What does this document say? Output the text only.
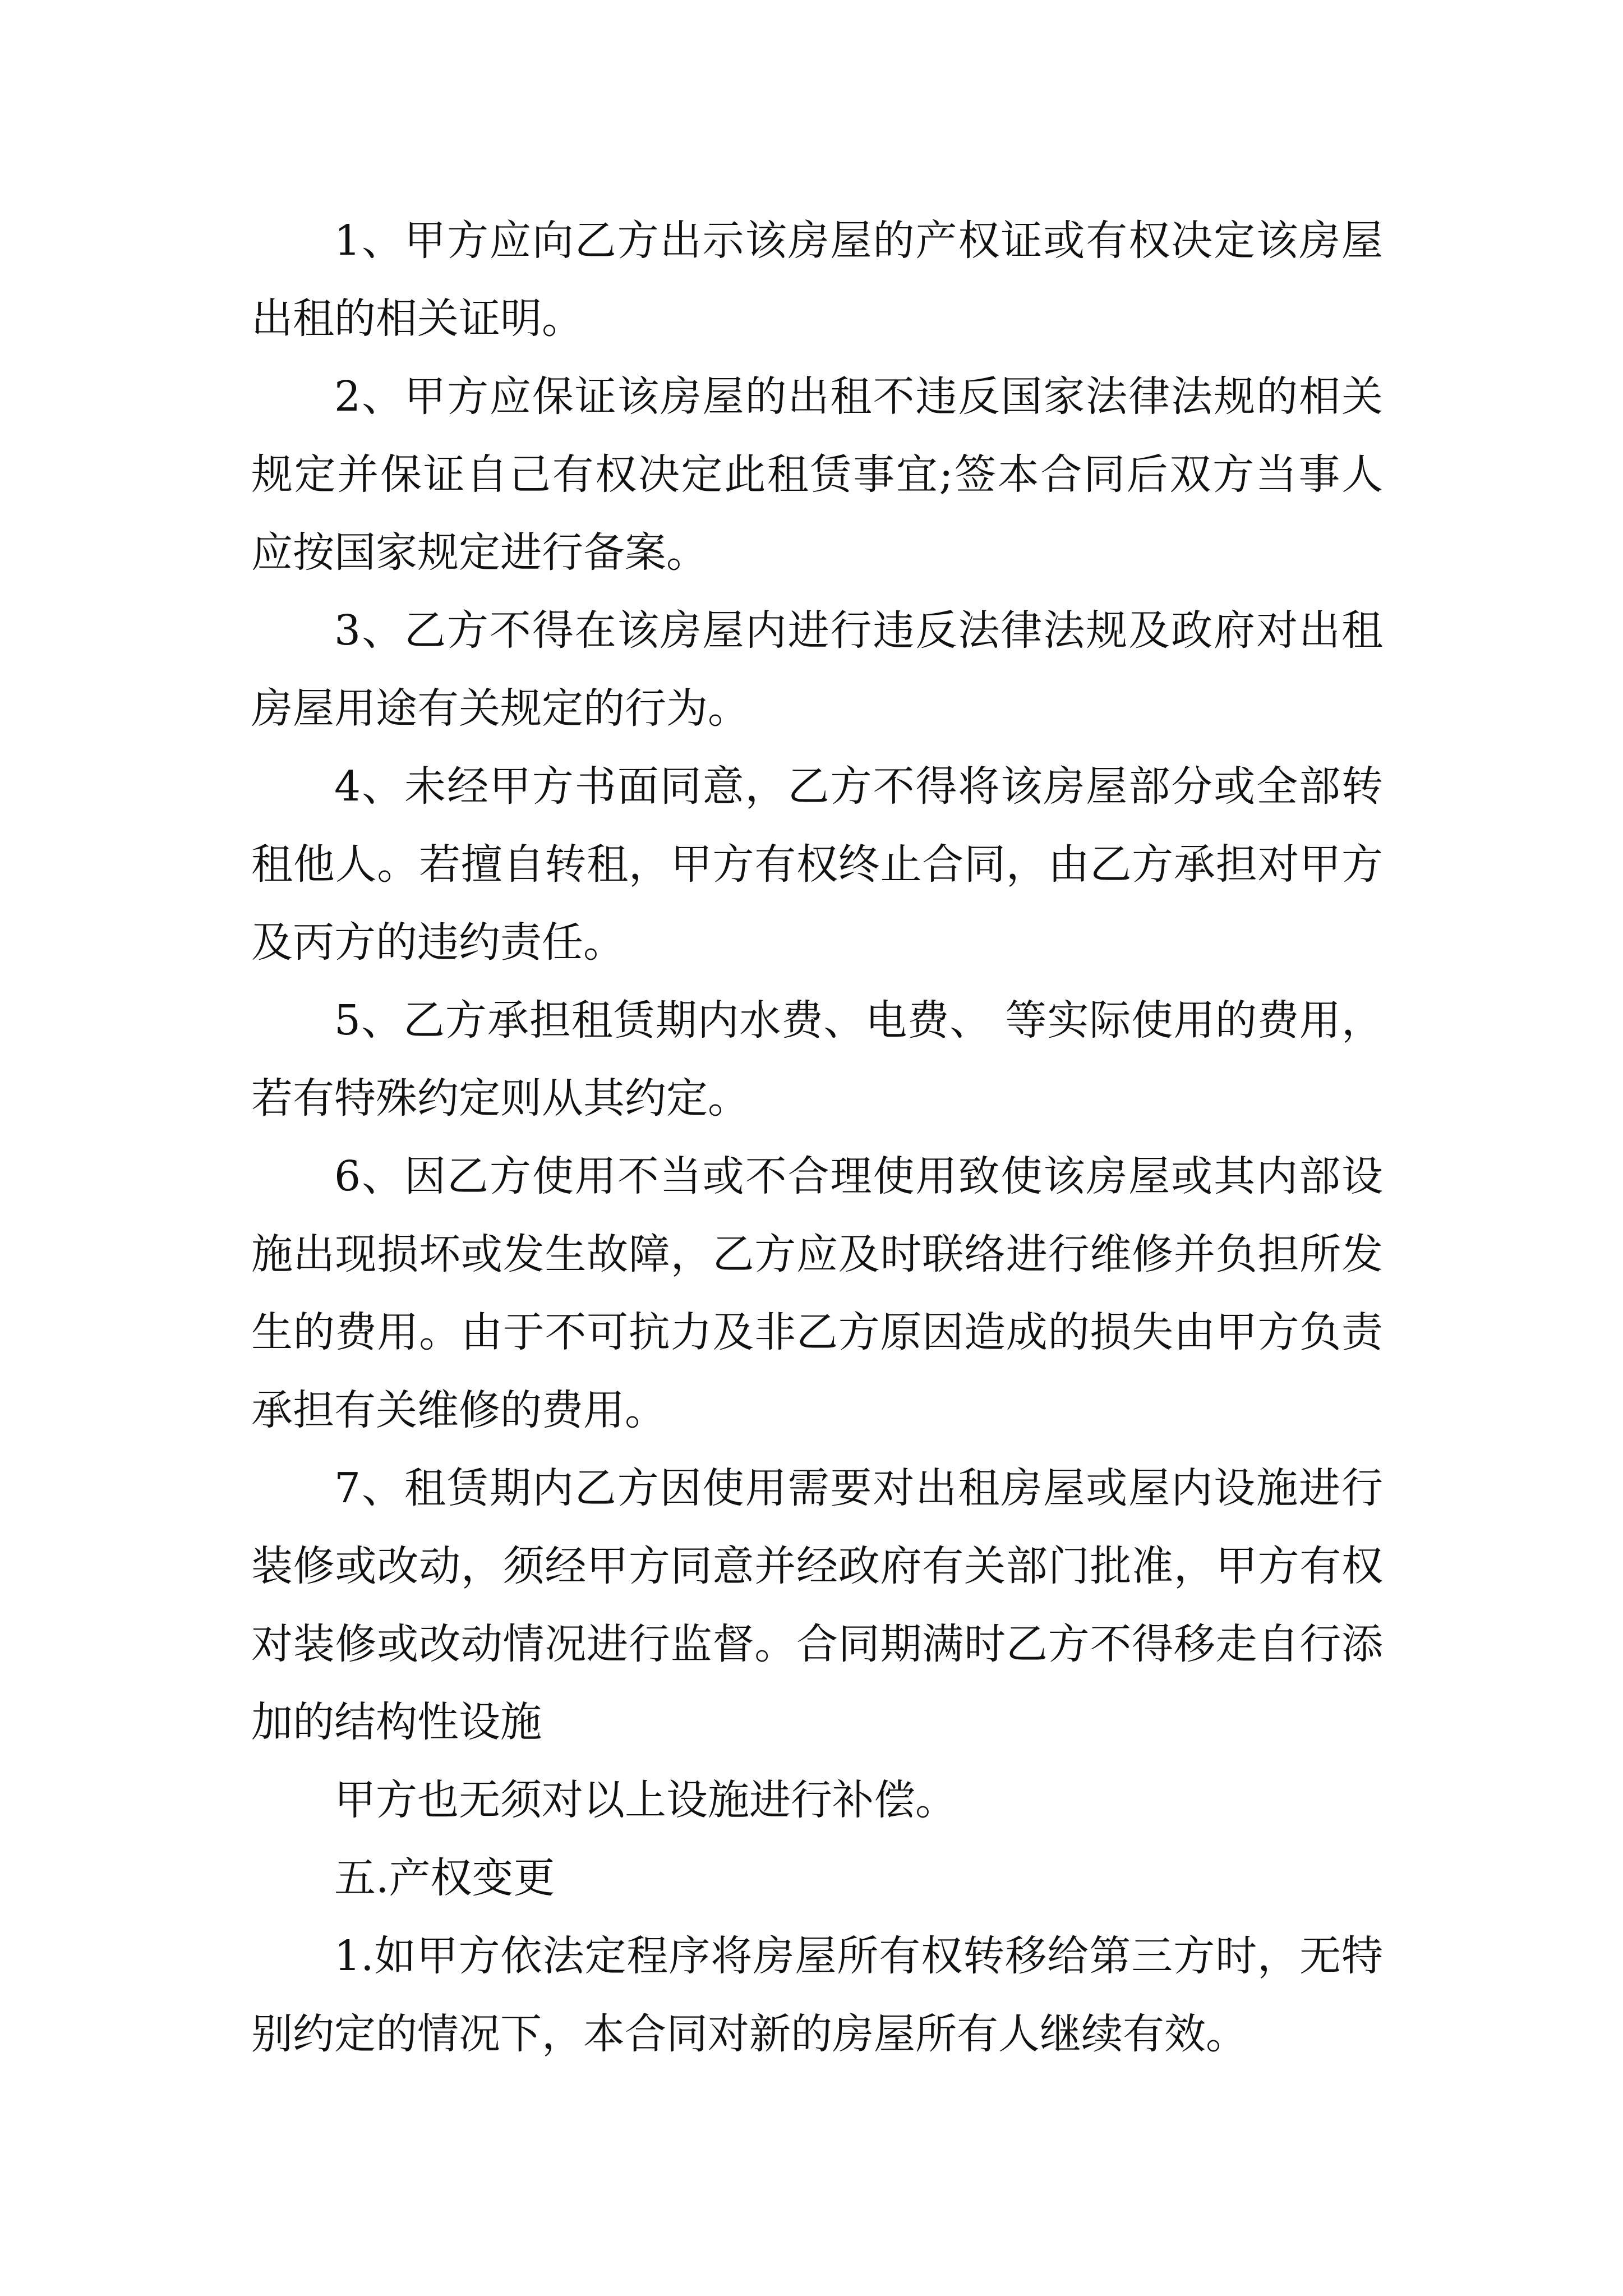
1、甲方应向乙方出示该房屋的产权证或有权决定该房屋出租的相关证明。

2、甲方应保证该房屋的出租不违反国家法律法规的相关规定并保证自己有权决定此租赁事宜;签本合同后双方当事人应按国家规定进行备案。

3、乙方不得在该房屋内进行违反法律法规及政府对出租房屋用途有关规定的行为。

4、未经甲方书面同意，乙方不得将该房屋部分或全部转租他人。若擅自转租，甲方有权终止合同，由乙方承担对甲方及丙方的违约责任。

5、乙方承担租赁期内水费、电费、 等实际使用的费用，若有特殊约定则从其约定。

6、因乙方使用不当或不合理使用致使该房屋或其内部设施出现损坏或发生故障，乙方应及时联络进行维修并负担所发生的费用。由于不可抗力及非乙方原因造成的损失由甲方负责承担有关维修的费用。

7、租赁期内乙方因使用需要对出租房屋或屋内设施进行装修或改动，须经甲方同意并经政府有关部门批准，甲方有权对装修或改动情况进行监督。合同期满时乙方不得移走自行添加的结构性设施

甲方也无须对以上设施进行补偿。

五.产权变更

1.如甲方依法定程序将房屋所有权转移给第三方时，无特别约定的情况下，本合同对新的房屋所有人继续有效。
